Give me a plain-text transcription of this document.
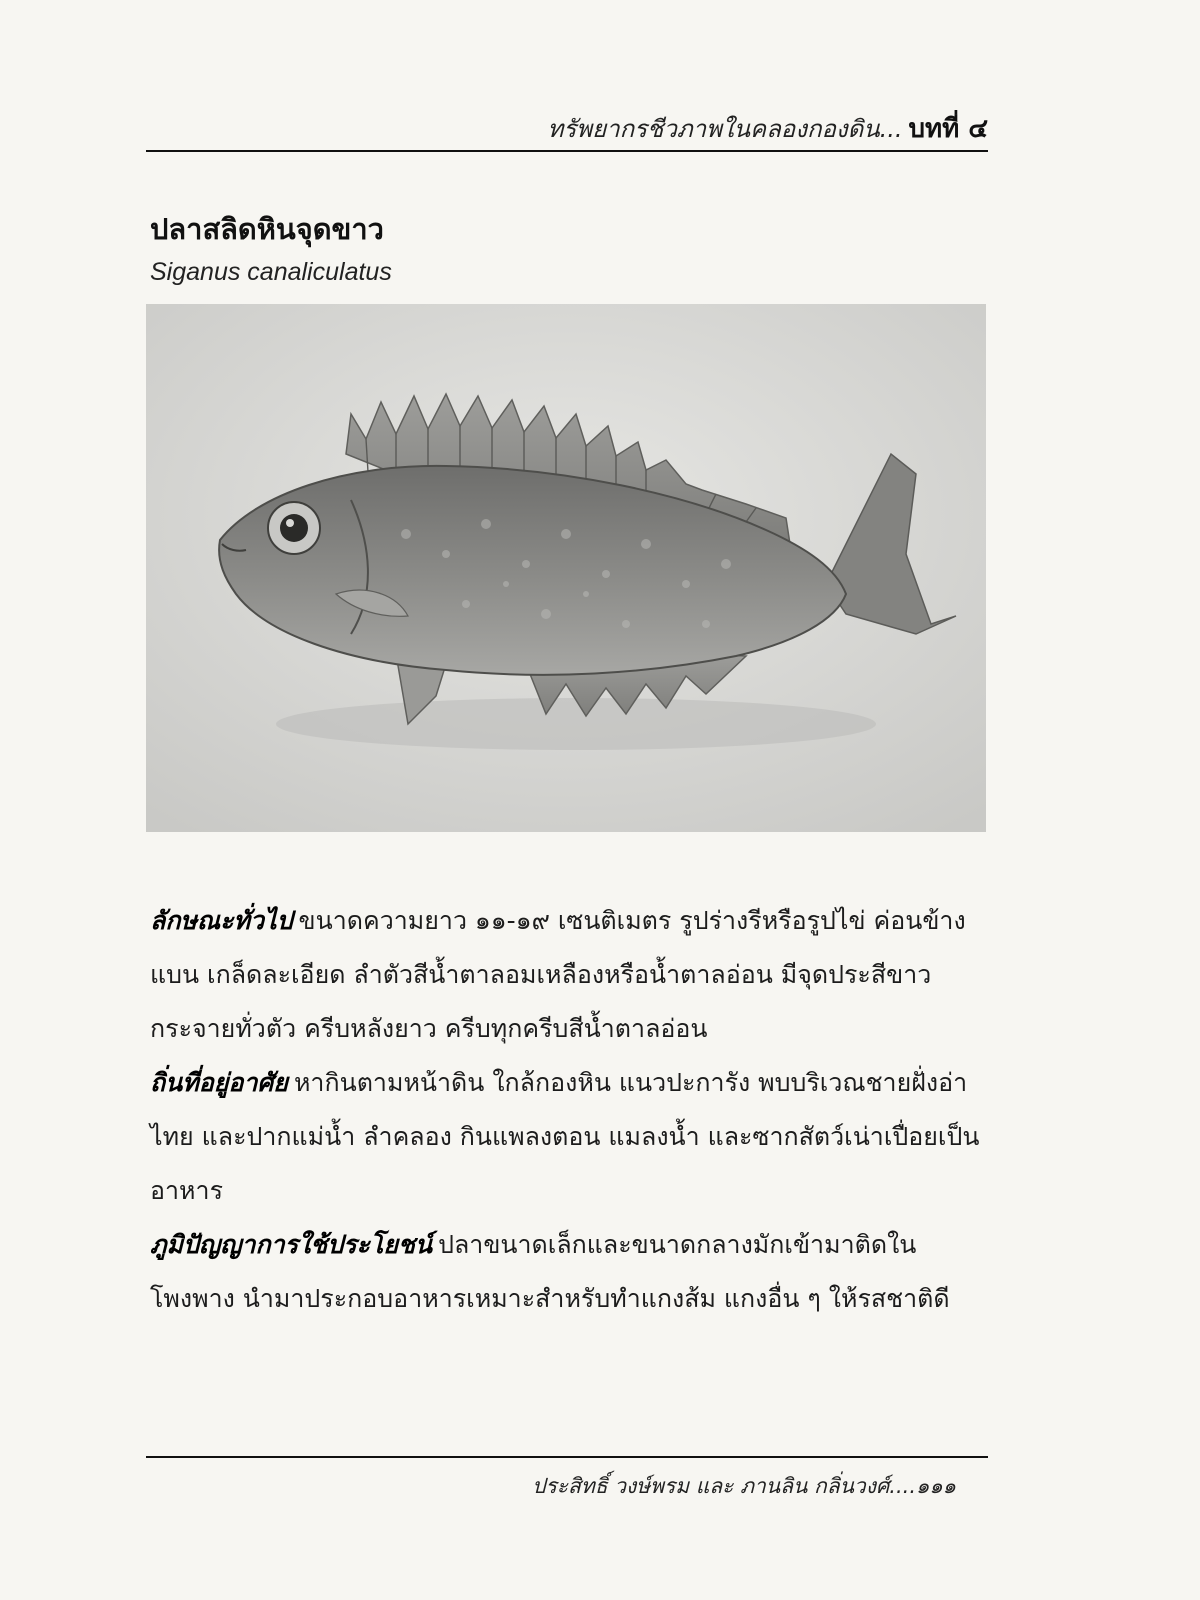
ทรัพยากรชีวภาพในคลองกองดิน... บทที่ ๔
ปลาสลิดหินจุดขาว
Siganus canaliculatus

ลักษณะทั่วไป ขนาดความยาว ๑๑-๑๙ เซนติเมตร รูปร่างรีหรือรูปไข่ ค่อนข้างแบน เกล็ดละเอียด ลำตัวสีน้ำตาลอมเหลืองหรือน้ำตาลอ่อน มีจุดประสีขาวกระจายทั่วตัว ครีบหลังยาว ครีบทุกครีบสีน้ำตาลอ่อน

ถิ่นที่อยู่อาศัย หากินตามหน้าดิน ใกล้กองหิน แนวปะการัง พบบริเวณชายฝั่งอ่าไทย และปากแม่น้ำ ลำคลอง กินแพลงตอน แมลงน้ำ และซากสัตว์เน่าเปื่อยเป็นอาหาร

ภูมิปัญญาการใช้ประโยชน์ ปลาขนาดเล็กและขนาดกลางมักเข้ามาติดในโพงพาง นำมาประกอบอาหารเหมาะสำหรับทำแกงส้ม แกงอื่น ๆ ให้รสชาติดี

ประสิทธิ์ วงษ์พรม และ ภานลิน กลิ่นวงศ์....๑๑๑
